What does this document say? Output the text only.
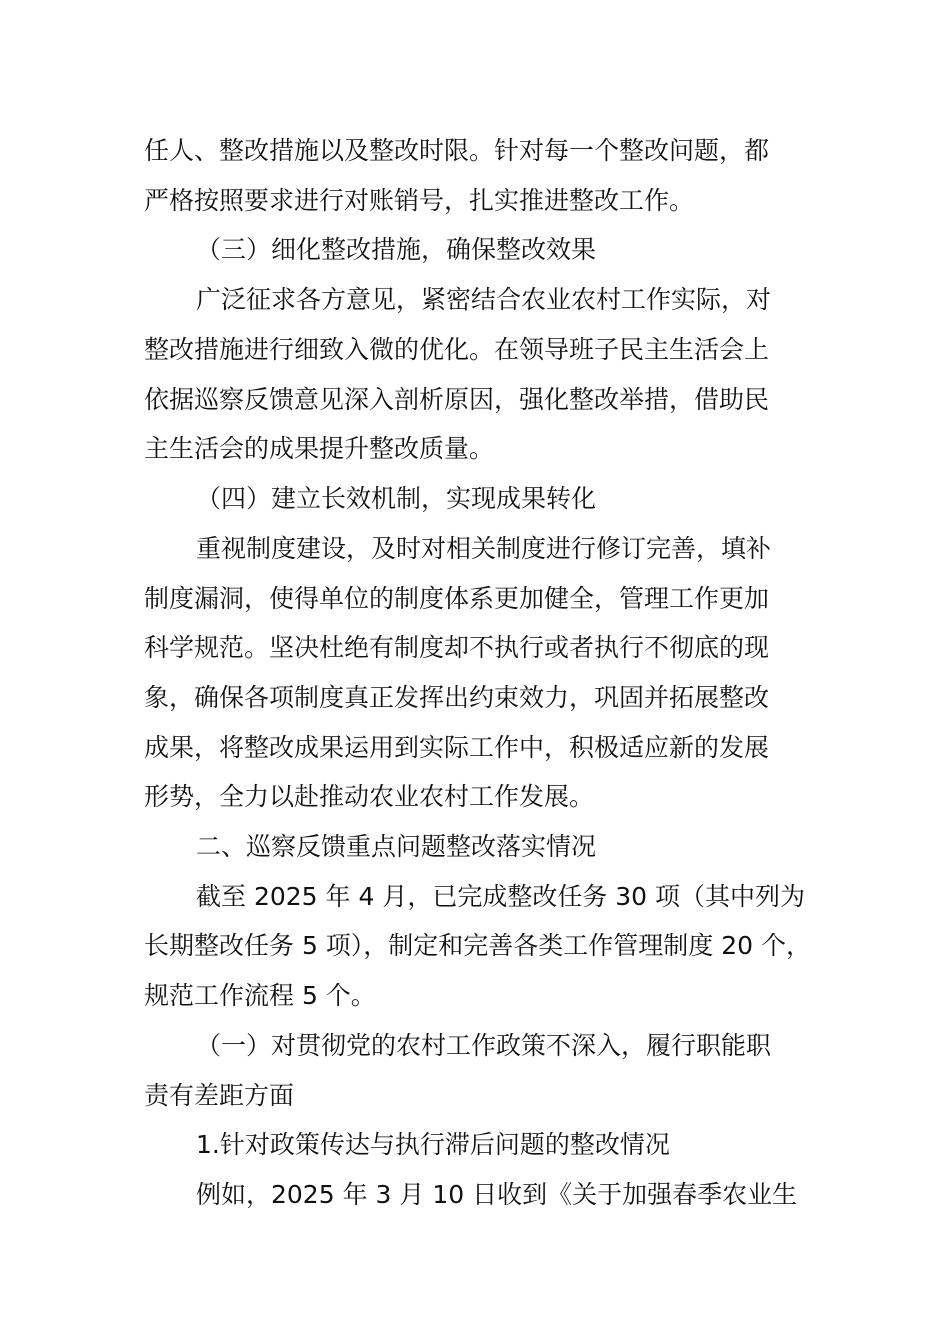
任人、整改措施以及整改时限。针对每一个整改问题，都
严格按照要求进行对账销号，扎实推进整改工作。
（三）细化整改措施，确保整改效果
广泛征求各方意见，紧密结合农业农村工作实际，对
整改措施进行细致入微的优化。在领导班子民主生活会上
依据巡察反馈意见深入剖析原因，强化整改举措，借助民
主生活会的成果提升整改质量。
（四）建立长效机制，实现成果转化
重视制度建设，及时对相关制度进行修订完善，填补
制度漏洞，使得单位的制度体系更加健全，管理工作更加
科学规范。坚决杜绝有制度却不执行或者执行不彻底的现
象，确保各项制度真正发挥出约束效力，巩固并拓展整改
成果，将整改成果运用到实际工作中，积极适应新的发展
形势，全力以赴推动农业农村工作发展。
二、巡察反馈重点问题整改落实情况
截至 2025 年 4 月，已完成整改任务 30 项（其中列为
长期整改任务 5 项），制定和完善各类工作管理制度 20 个，
规范工作流程 5 个。
（一）对贯彻党的农村工作政策不深入，履行职能职
责有差距方面
1.针对政策传达与执行滞后问题的整改情况
例如，2025 年 3 月 10 日收到《关于加强春季农业生
